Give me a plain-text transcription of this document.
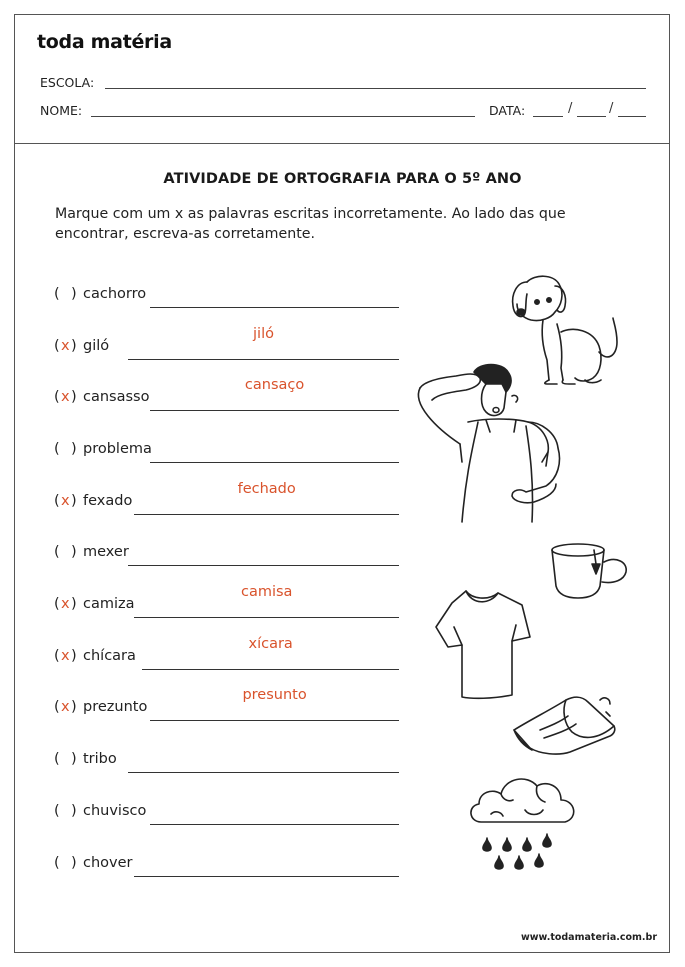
toda matéria
ESCOLA:
NOME:	DATA:	/	/
ATIVIDADE DE ORTOGRAFIA PARA O 5º ANO
Marque com um x as palavras escritas incorretamente. Ao lado das que encontrar, escreva-as corretamente.
( ) cachorro
( )
x giló
jiló
( )
x cansasso
cansaço
( ) problema
( )
x fexado
fechado
( ) mexer
( )
x camiza
camisa
( )
x chícara
xícara
( )
x prezunto
presunto
( ) tribo
( ) chuvisco
( ) chover
www.todamateria.com.br
